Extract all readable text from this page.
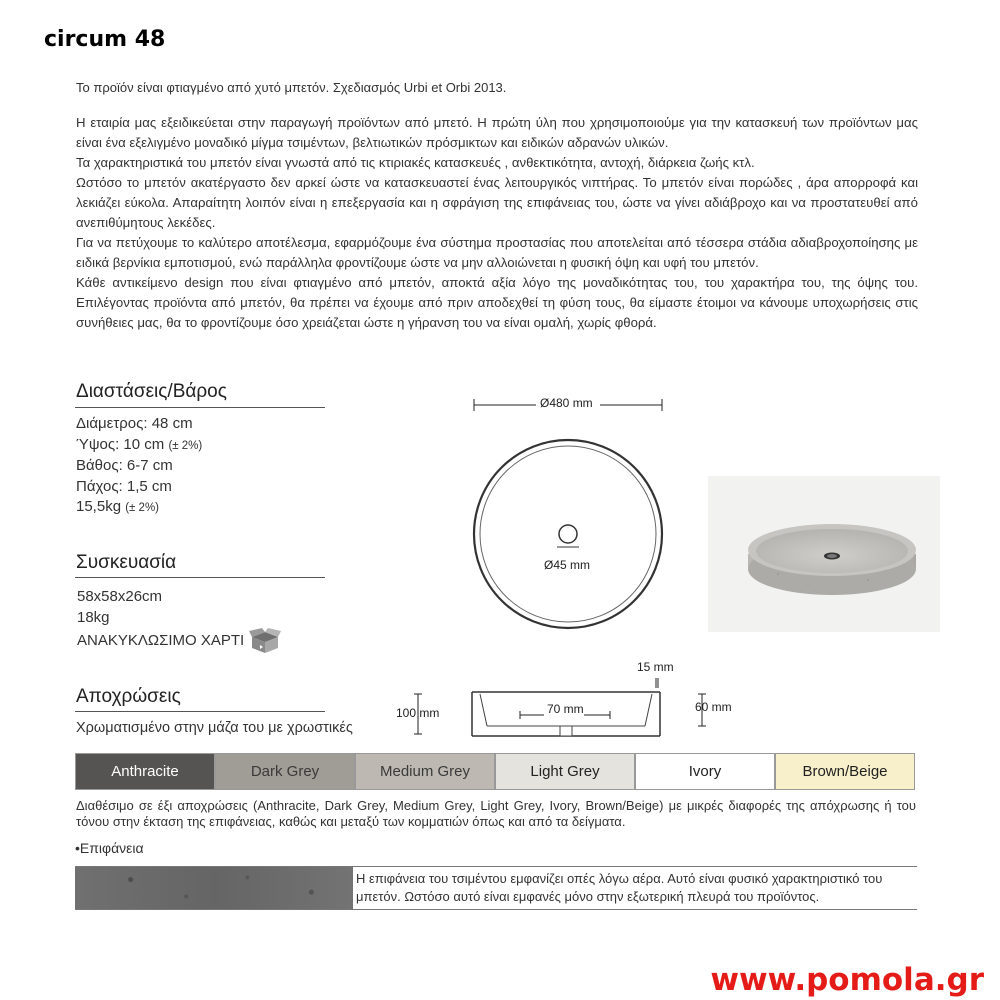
circum 48
Το προϊόν είναι φτιαγμένο από χυτό μπετόν. Σχεδιασμός Urbi et Orbi 2013.

Η εταιρία μας εξειδικεύεται στην παραγωγή προϊόντων από μπετό. Η πρώτη ύλη που χρησιμοποιούμε για την κατασκευή των προϊόντων μας είναι ένα εξελιγμένο μοναδικό μίγμα τσιμέντων, βελτιωτικών πρόσμικτων και ειδικών αδρανών υλικών.

Τα χαρακτηριστικά του μπετόν είναι γνωστά από τις κτιριακές κατασκευές , ανθεκτικότητα, αντοχή, διάρκεια ζωής κτλ.

Ωστόσο το μπετόν ακατέργαστο δεν αρκεί ώστε να κατασκευαστεί ένας λειτουργικός νιπτήρας. Το μπετόν είναι πορώδες , άρα απορροφά και λεκιάζει εύκολα. Απαραίτητη λοιπόν είναι η επεξεργασία και η σφράγιση της επιφάνειας του, ώστε να γίνει αδιάβροχο και να προστατευθεί από ανεπιθύμητους λεκέδες.

Για να πετύχουμε το καλύτερο αποτέλεσμα, εφαρμόζουμε ένα σύστημα προστασίας που αποτελείται από τέσσερα στάδια αδιαβροχοποίησης με ειδικά βερνίκια εμποτισμού, ενώ παράλληλα φροντίζουμε ώστε να μην αλλοιώνεται η φυσική όψη και υφή του μπετόν.

Κάθε αντικείμενο design που είναι φτιαγμένο από μπετόν, αποκτά αξία λόγο της μοναδικότητας του, του χαρακτήρα του, της όψης του. Επιλέγοντας προϊόντα από μπετόν, θα πρέπει να έχουμε από πριν αποδεχθεί τη φύση τους, θα είμαστε έτοιμοι να κάνουμε υποχωρήσεις στις συνήθειες μας, θα το φροντίζουμε όσο χρειάζεται ώστε η γήρανση του να είναι ομαλή, χωρίς φθορά.

Διαστάσεις/Βάρος
Διάμετρος: 48 cm
Ύψος: 10 cm (± 2%)
Βάθος: 6-7 cm
Πάχος: 1,5 cm
15,5kg (± 2%)
Συσκευασία
58x58x26cm
18kg
ΑΝΑΚΥΚΛΩΣΙΜΟ ΧΑΡΤΙ
Αποχρώσεις
Χρωματισμένο στην μάζα του με χρωστικές
Anthracite	Dark Grey	Medium Grey	Light Grey	Ivory	Brown/Beige
Διαθέσιμο σε έξι αποχρώσεις (Anthracite, Dark Grey, Medium Grey, Light Grey, Ivory, Brown/Beige) με μικρές διαφορές της απόχρωσης ή του τόνου στην έκταση της επιφάνειας, καθώς και μεταξύ των κομματιών όπως και από τα δείγματα.
•Επιφάνεια
Η επιφάνεια του τσιμέντου εμφανίζει οπές λόγω αέρα. Αυτό είναι φυσικό χαρακτηριστικό του μπετόν. Ωστόσο αυτό είναι εμφανές μόνο στην εξωτερική πλευρά του προϊόντος.
Ø480 mm
Ø45 mm
15 mm
100 mm	70 mm	60 mm
www.pomola.gr
